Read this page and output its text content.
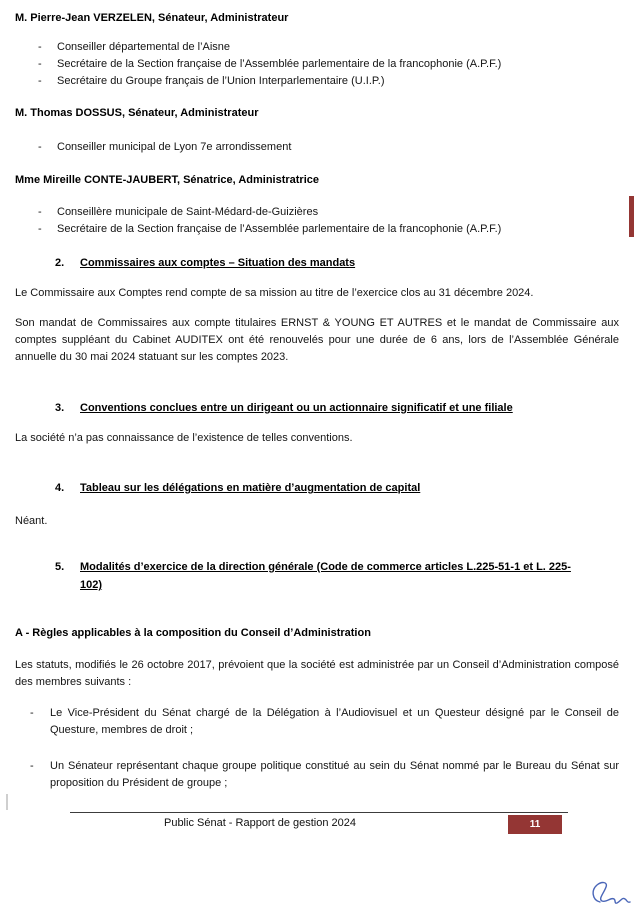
M. Pierre-Jean VERZELEN, Sénateur, Administrateur
-	Conseiller départemental de l’Aisne
-	Secrétaire de la Section française de l’Assemblée parlementaire de la francophonie (A.P.F.)
-	Secrétaire du Groupe français de l’Union Interparlementaire (U.I.P.)
M. Thomas DOSSUS, Sénateur, Administrateur
-	Conseiller municipal de Lyon 7e arrondissement
Mme Mireille CONTE-JAUBERT, Sénatrice, Administratrice
-	Conseillère municipale de Saint-Médard-de-Guizières
-	Secrétaire de la Section française de l’Assemblée parlementaire de la francophonie (A.P.F.)
2.	Commissaires aux comptes – Situation des mandats

Le Commissaire aux Comptes rend compte de sa mission au titre de l’exercice clos au 31 décembre 2024.

Son mandat de Commissaires aux compte titulaires ERNST & YOUNG ET AUTRES et le mandat de Commissaire aux comptes suppléant du Cabinet AUDITEX ont été renouvelés pour une durée de 6 ans, lors de l’Assemblée Générale annuelle du 30 mai 2024 statuant sur les comptes 2023.

3.	Conventions conclues entre un dirigeant ou un actionnaire significatif et une filiale

La société n’a pas connaissance de l’existence de telles conventions.

4.	Tableau sur les délégations en matière d’augmentation de capital

Néant.

5.	Modalités d’exercice de la direction générale (Code de commerce articles L.225-51-1 et L. 225-102)
A - Règles applicables à la composition du Conseil d’Administration

Les statuts, modifiés le 26 octobre 2017, prévoient que la société est administrée par un Conseil d’Administration composé des membres suivants :

-	Le Vice-Président du Sénat chargé de la Délégation à l’Audiovisuel et un Questeur désigné par le Conseil de Questure, membres de droit ;
-	Un Sénateur représentant chaque groupe politique constitué au sein du Sénat nommé par le Bureau du Sénat sur proposition du Président de groupe ;
Public Sénat - Rapport de gestion 2024	11
